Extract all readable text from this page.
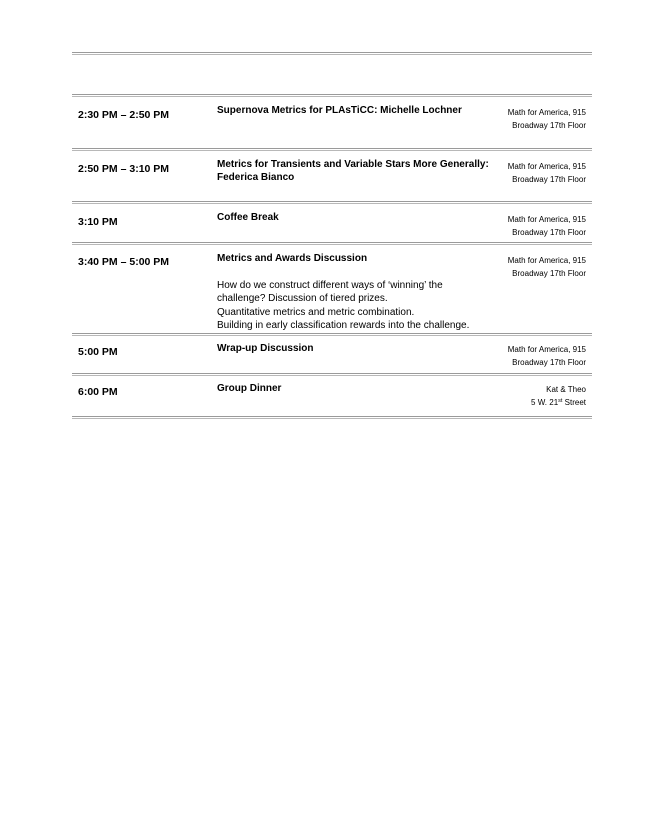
2:30 PM – 2:50 PM	Supernova Metrics for PLAsTiCC: Michelle Lochner	Math for America, 915
Broadway 17th Floor
2:50 PM – 3:10 PM	Metrics for Transients and Variable Stars More Generally: Federica Bianco
Math for America, 915
Broadway 17th Floor
3:10 PM	Coffee Break	Math for America, 915
Broadway 17th Floor
3:40 PM – 5:00 PM	Metrics and Awards Discussion
How do we construct different ways of ‘winning’ the
challenge? Discussion of tiered prizes.
Quantitative metrics and metric combination.
Building in early classification rewards into the challenge.
Math for America, 915
Broadway 17th Floor
5:00 PM	Wrap-up Discussion	Math for America, 915
Broadway 17th Floor
6:00 PM	Group Dinner	Kat & Theo
5 W. 21st Street
